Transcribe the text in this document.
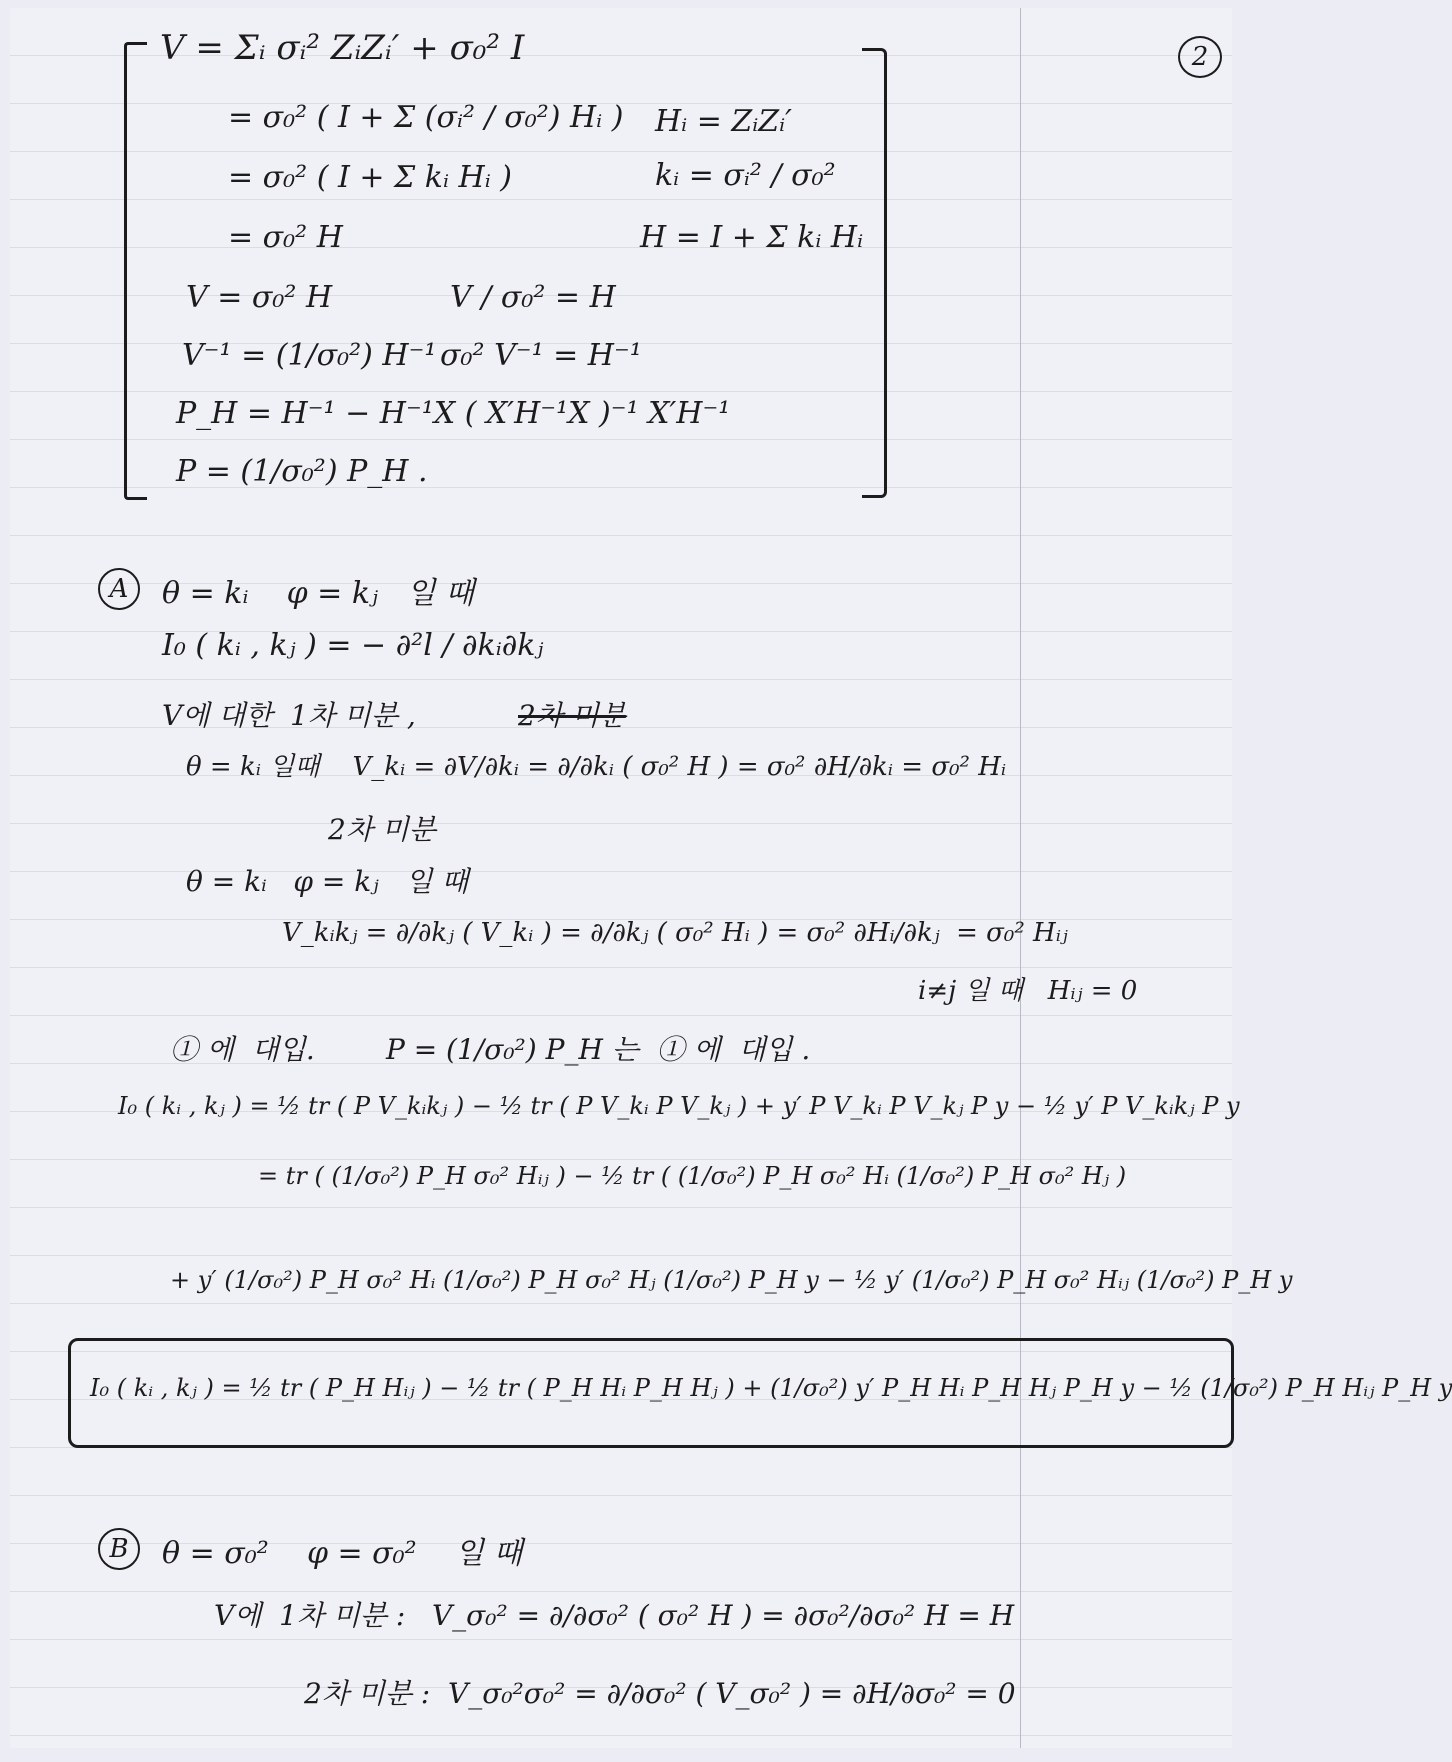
2
V = Σᵢ σᵢ² ZᵢZᵢ′ + σ₀² I
= σ₀² ( I + Σ (σᵢ² / σ₀²) Hᵢ )
= σ₀² ( I + Σ kᵢ Hᵢ )
= σ₀² H
V = σ₀² H
V⁻¹ = (1/σ₀²) H⁻¹
P_H = H⁻¹ − H⁻¹X ( X′H⁻¹X )⁻¹ X′H⁻¹
P = (1/σ₀²) P_H .
Hᵢ = ZᵢZᵢ′
kᵢ = σᵢ² / σ₀²
H = I + Σ kᵢ Hᵢ
V / σ₀² = H
σ₀² V⁻¹ = H⁻¹
A	θ = kᵢ    φ = kⱼ   일 때
I₀ ( kᵢ , kⱼ ) = − ∂²l / ∂kᵢ∂kⱼ
V에 대한  1차 미분 ,	2차 미분
θ = kᵢ 일때    V_kᵢ = ∂V/∂kᵢ = ∂/∂kᵢ ( σ₀² H ) = σ₀² ∂H/∂kᵢ = σ₀² Hᵢ
2차 미분
θ = kᵢ   φ = kⱼ   일 때
V_kᵢkⱼ = ∂/∂kⱼ ( V_kᵢ ) = ∂/∂kⱼ ( σ₀² Hᵢ ) = σ₀² ∂Hᵢ/∂kⱼ  = σ₀² Hᵢⱼ
i≠j 일 때   Hᵢⱼ = 0
① 에  대입.        P = (1/σ₀²) P_H 는  ① 에  대입 .
I₀ ( kᵢ , kⱼ ) = ½ tr ( P V_kᵢkⱼ ) − ½ tr ( P V_kᵢ P V_kⱼ ) + y′ P V_kᵢ P V_kⱼ P y − ½ y′ P V_kᵢkⱼ P y
= tr ( (1/σ₀²) P_H σ₀² Hᵢⱼ ) − ½ tr ( (1/σ₀²) P_H σ₀² Hᵢ (1/σ₀²) P_H σ₀² Hⱼ )
+ y′ (1/σ₀²) P_H σ₀² Hᵢ (1/σ₀²) P_H σ₀² Hⱼ (1/σ₀²) P_H y − ½ y′ (1/σ₀²) P_H σ₀² Hᵢⱼ (1/σ₀²) P_H y
I₀ ( kᵢ , kⱼ ) = ½ tr ( P_H Hᵢⱼ ) − ½ tr ( P_H Hᵢ P_H Hⱼ ) + (1/σ₀²) y′ P_H Hᵢ P_H Hⱼ P_H y − ½ (1/σ₀²) P_H Hᵢⱼ P_H y
B	θ = σ₀²    φ = σ₀²    일 때
V에  1차 미분 :   V_σ₀² = ∂/∂σ₀² ( σ₀² H ) = ∂σ₀²/∂σ₀² H = H
2차 미분 :  V_σ₀²σ₀² = ∂/∂σ₀² ( V_σ₀² ) = ∂H/∂σ₀² = 0
